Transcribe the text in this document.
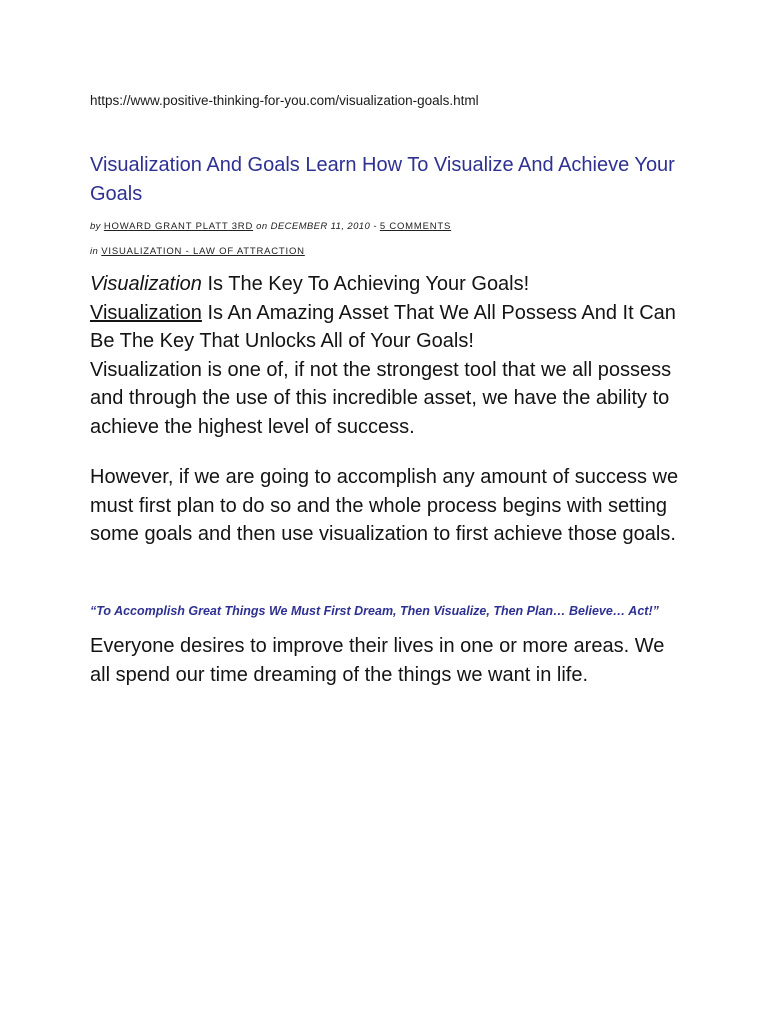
https://www.positive-thinking-for-you.com/visualization-goals.html
Visualization And Goals Learn How To Visualize And Achieve Your Goals
by HOWARD GRANT PLATT 3RD on DECEMBER 11, 2010 - 5 COMMENTS
in VISUALIZATION - LAW OF ATTRACTION
Visualization Is The Key To Achieving Your Goals!
Visualization Is An Amazing Asset That We All Possess And It Can Be The Key That Unlocks All of Your Goals!
Visualization is one of, if not the strongest tool that we all possess and through the use of this incredible asset, we have the ability to achieve the highest level of success.
However, if we are going to accomplish any amount of success we must first plan to do so and the whole process begins with setting some goals and then use visualization to first achieve those goals.
“To Accomplish Great Things We Must First Dream, Then Visualize, Then Plan… Believe… Act!”
Everyone desires to improve their lives in one or more areas. We all spend our time dreaming of the things we want in life.
